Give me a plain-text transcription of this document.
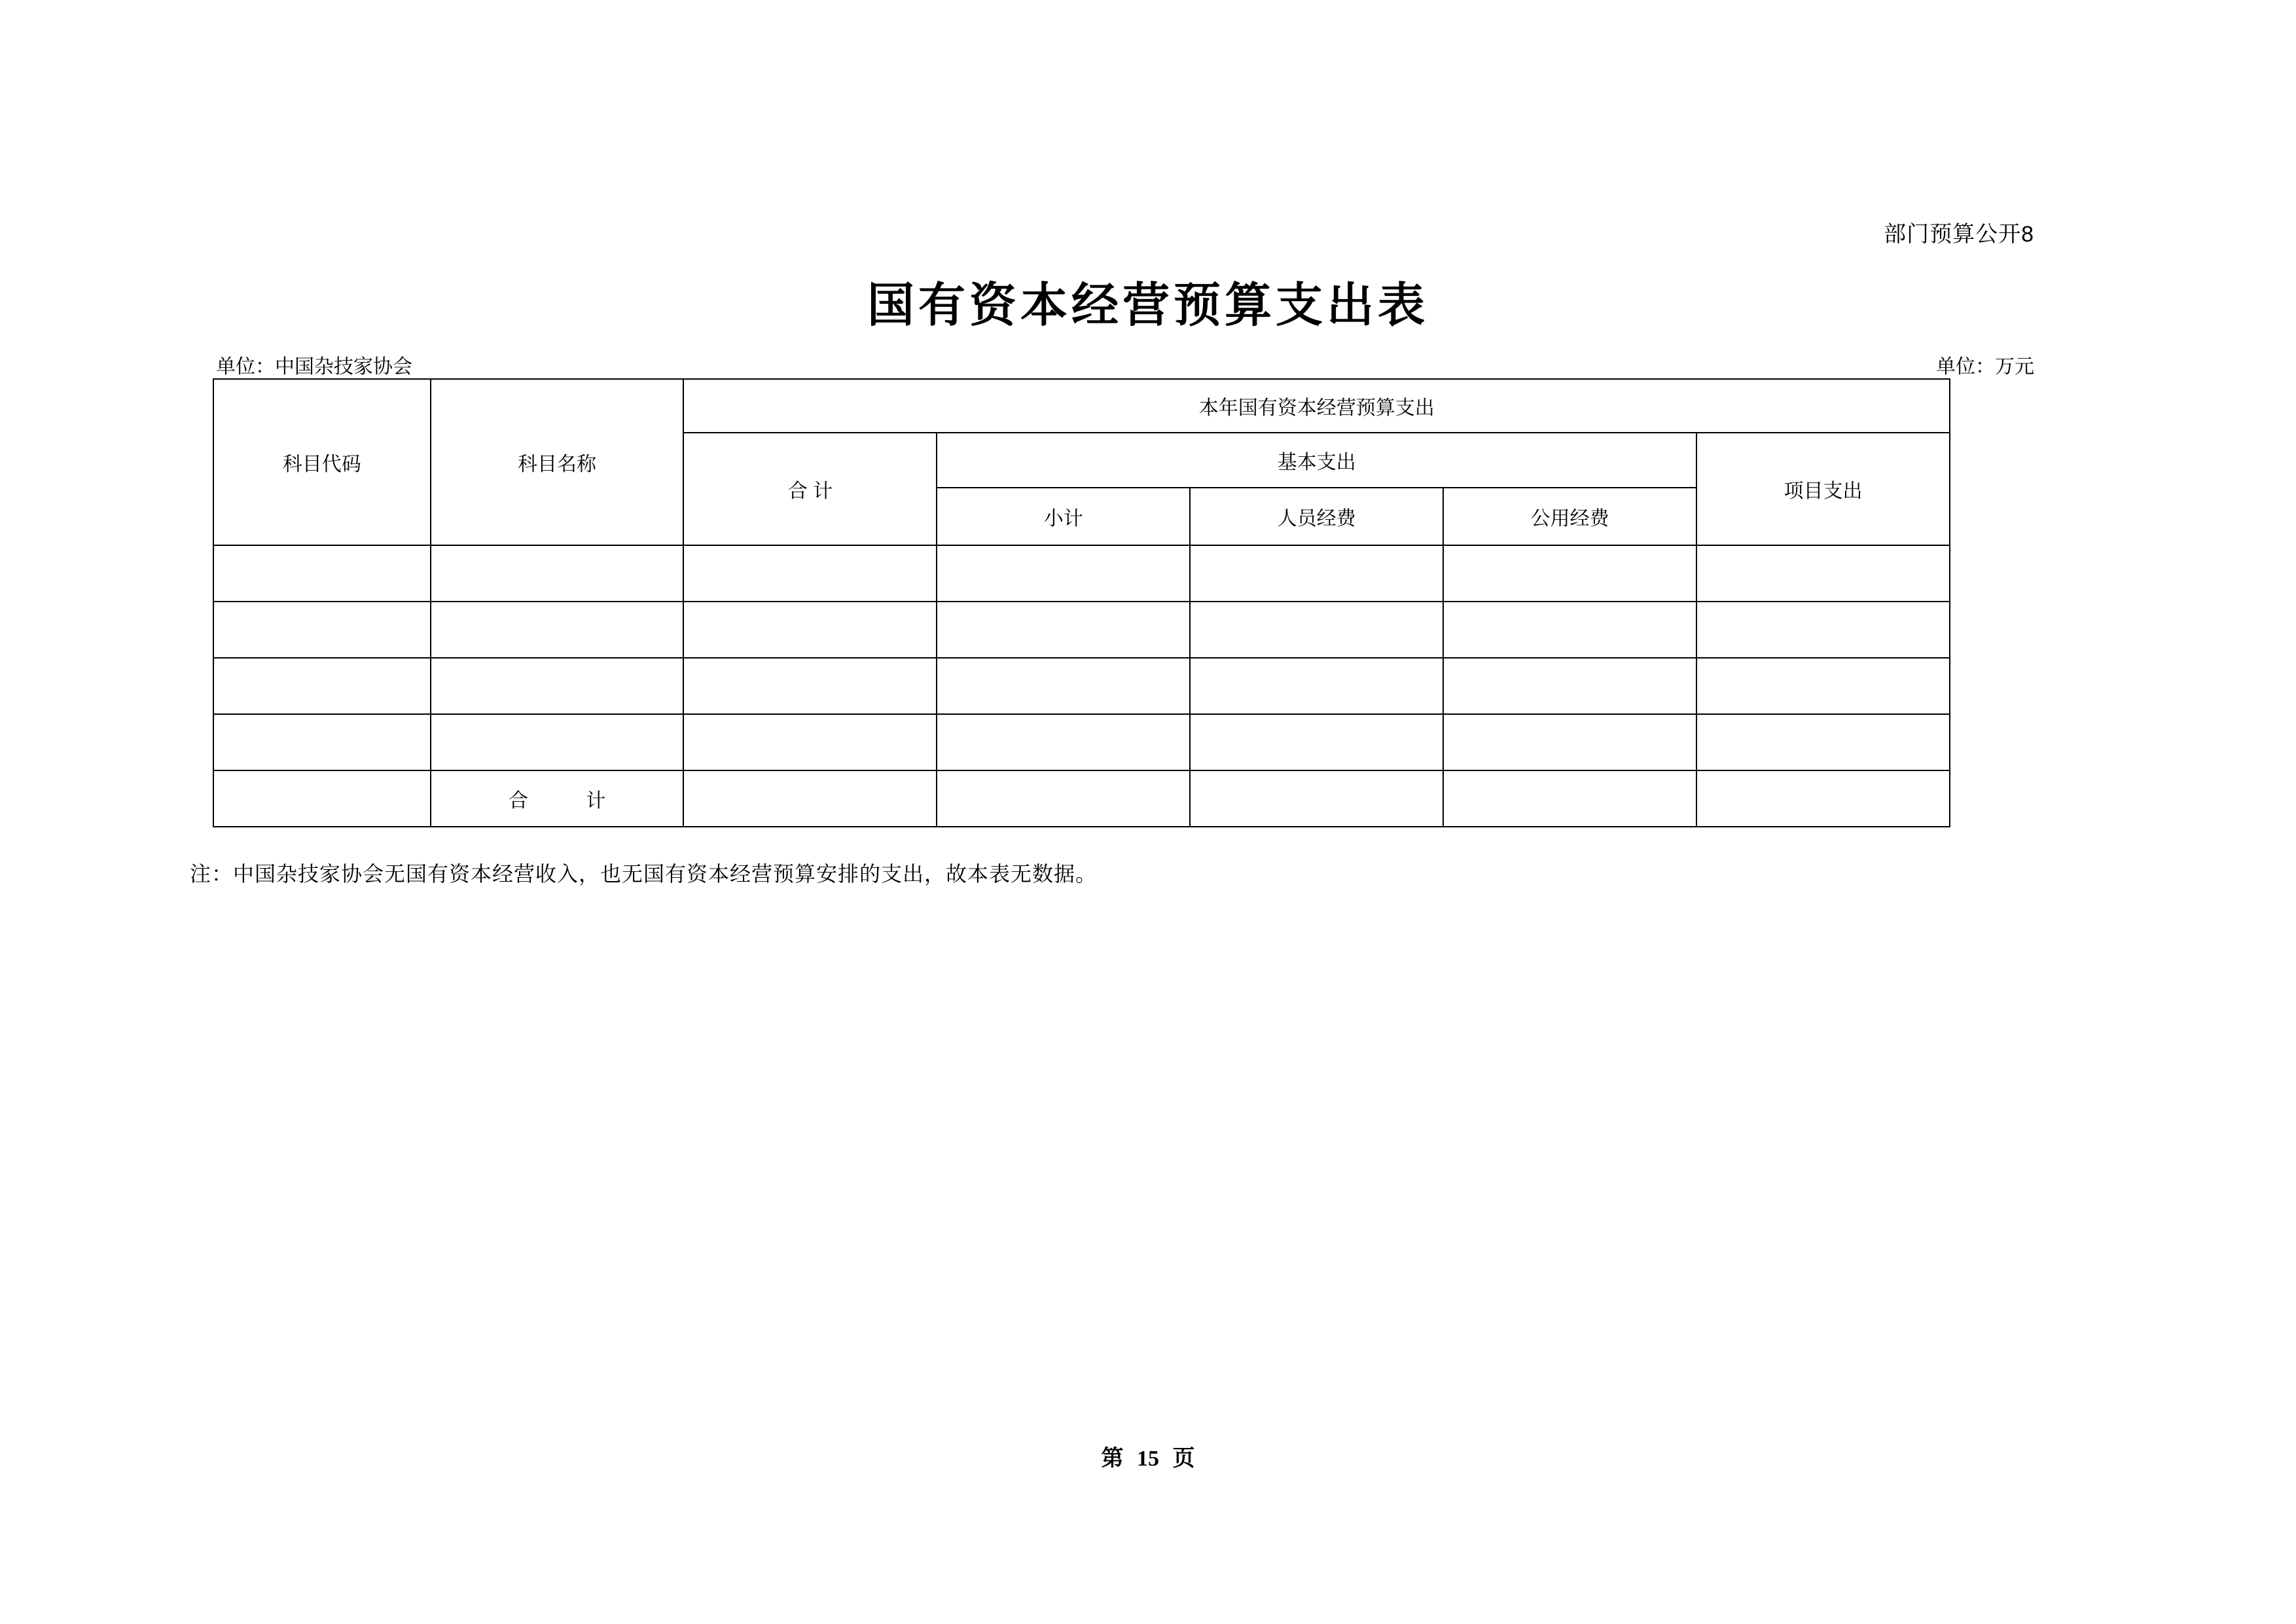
部门预算公开8
国有资本经营预算支出表
单位：中国杂技家协会	单位：万元
科目代码	科目名称	本年国有资本经营预算支出				
		合 计	基本支出			项目支出
			小计	人员经费	公用经费	

	合 计					
注：中国杂技家协会无国有资本经营收入，也无国有资本经营预算安排的支出，故本表无数据。
第 15 页
